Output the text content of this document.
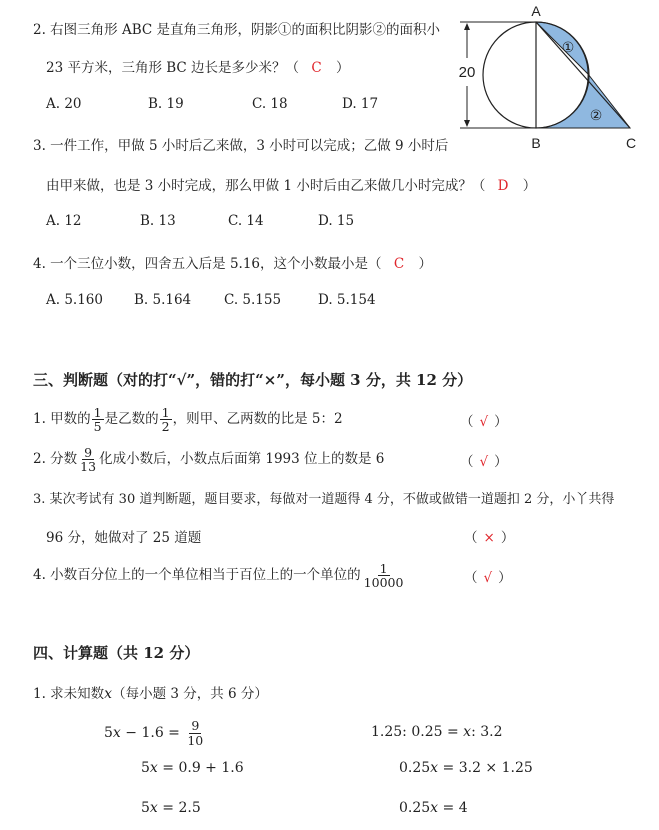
2. 右图三角形 ABC 是直角三角形，阴影①的面积比阴影②的面积小
23 平方米，三角形 BC 边长是多少米？（ C ）
A. 20	B. 19	C. 18	D. 17
20
A
B	C
①
②
3. 一件工作，甲做 5 小时后乙来做，3 小时可以完成；乙做 9 小时后
由甲来做，也是 3 小时完成，那么甲做 1 小时后由乙来做几小时完成？（ D ）
A. 12	B. 13	C. 14	D. 15
4. 一个三位小数，四舍五入后是 5.16，这个小数最小是（ C ）
A. 5.160 B. 5.164 C. 5.155	D. 5.154
三、判断题（对的打“√”，错的打“×”，每小题 3 分，共 12 分）
1. 甲数的 $\frac{1}{5}$ 是乙数的 $\frac{1}{2}$ ，则甲、乙两数的比是 5：2	（ √ ）
2. 分数 $\frac{9}{13}$ 化成小数后，小数点后面第 1993 位上的数是 6	（ √ ）
3. 某次考试有 30 道判断题，题目要求，每做对一道题得 4 分，不做或做错一道题扣 2 分，小丫共得
96 分，她做对了 25 道题	（ × ）
4. 小数百分位上的一个单位相当于百位上的一个单位的 $\frac{1}{10000}$	（ √ ）
四、计算题（共 12 分）
1. 求未知数x（每小题 3 分，共 6 分）
$5x - 1.6 = \frac{9}{10}$
5x = 0.9 + 1.6
5x = 2.5
1.25: 0.25 = x: 3.2
0.25x = 3.2 × 1.25
0.25x = 4
